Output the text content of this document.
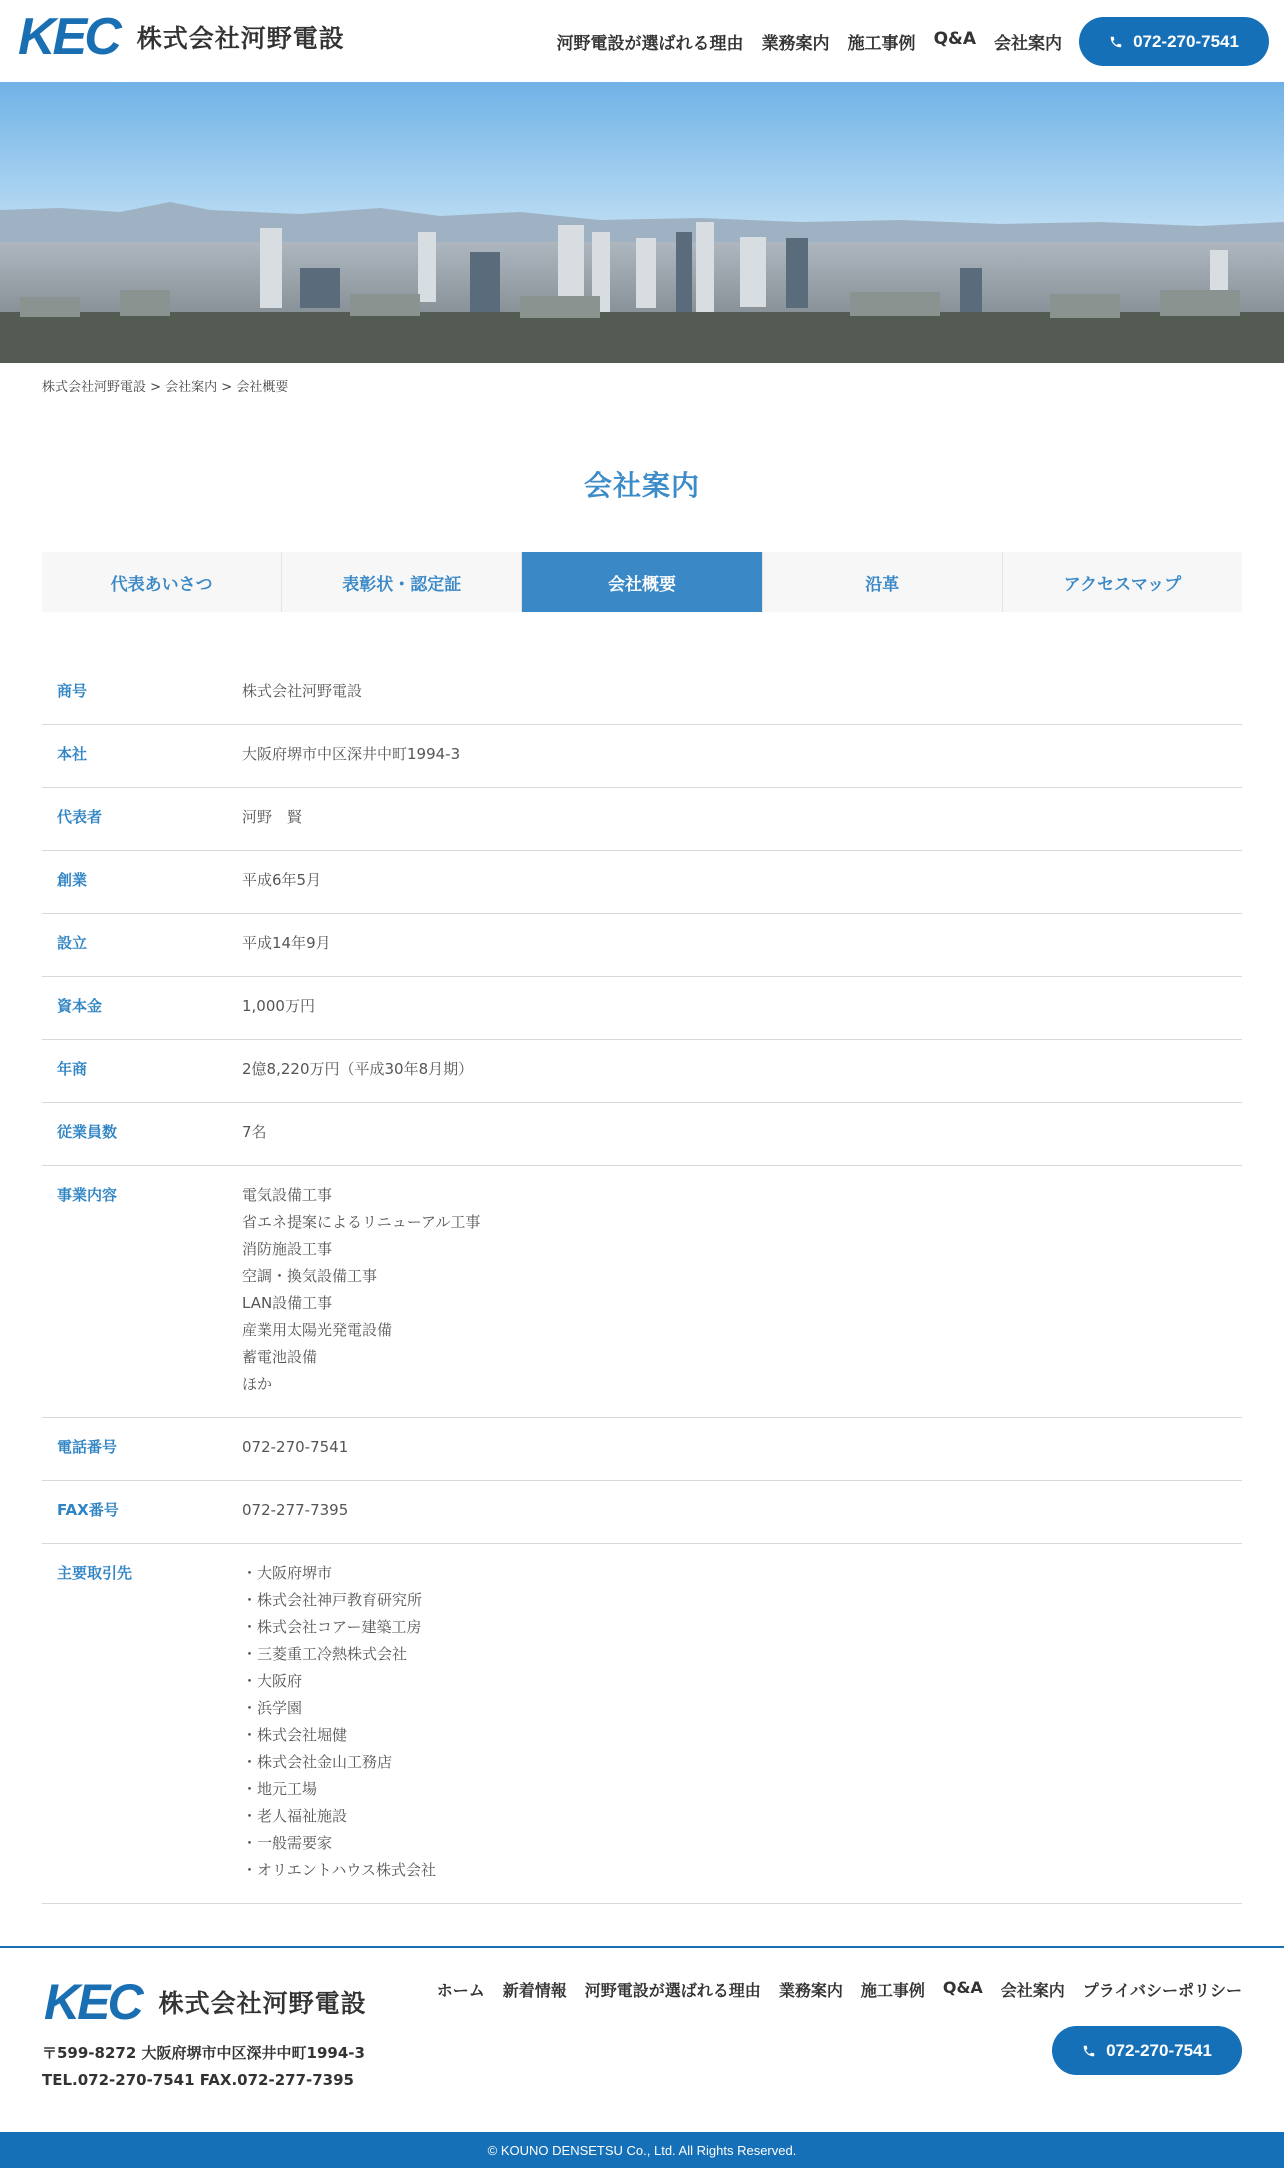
KEC 株式会社河野電設	河野電設が選ばれる理由 業務案内 施工事例 Q&A 会社案内	072-270-7541
株式会社河野電設 > 会社案内 > 会社概要
会社案内
代表あいさつ	表彰状・認定証	会社概要	沿革	アクセスマップ
商号	株式会社河野電設
本社	大阪府堺市中区深井中町1994-3
代表者	河野　賢
創業	平成6年5月
設立	平成14年9月
資本金	1,000万円
年商	2億8,220万円（平成30年8月期）
従業員数	7名
事業内容	電気設備工事
省エネ提案によるリニューアル工事
消防施設工事
空調・換気設備工事
LAN設備工事
産業用太陽光発電設備
蓄電池設備
ほか
電話番号	072-270-7541
FAX番号	072-277-7395
主要取引先	・大阪府堺市
・株式会社神戸教育研究所
・株式会社コアー建築工房
・三菱重工冷熱株式会社
・大阪府
・浜学園
・株式会社堀健
・株式会社金山工務店
・地元工場
・老人福祉施設
・一般需要家
・オリエントハウス株式会社
KEC 株式会社河野電設
〒599-8272 大阪府堺市中区深井中町1994-3
TEL.072-270-7541 FAX.072-277-7395
ホーム 新着情報 河野電設が選ばれる理由 業務案内 施工事例 Q&A 会社案内 プライバシーポリシー
072-270-7541
© KOUNO DENSETSU Co., Ltd. All Rights Reserved.
